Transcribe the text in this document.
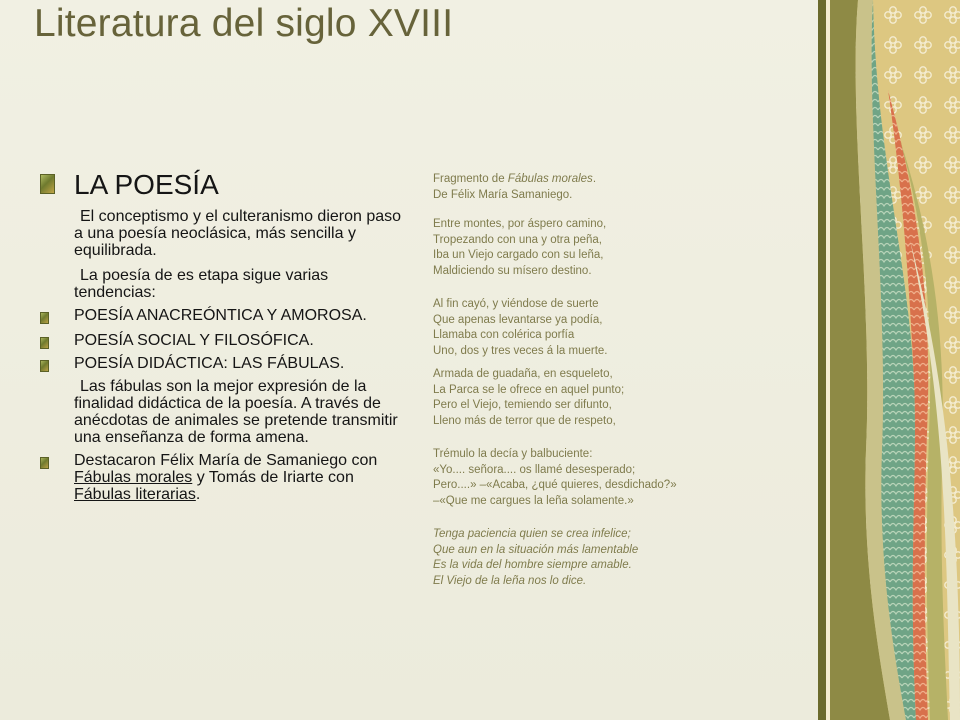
Literatura del siglo XVIII
LA POESÍA
El conceptismo y el culteranismo dieron paso a una poesía neoclásica, más sencilla y equilibrada.
La poesía de es etapa sigue varias tendencias:
POESÍA ANACREÓNTICA Y AMOROSA.
POESÍA SOCIAL Y FILOSÓFICA.
POESÍA DIDÁCTICA: LAS FÁBULAS.
Las fábulas son la mejor expresión de la finalidad didáctica de la poesía. A través de anécdotas de animales se pretende transmitir una enseñanza de forma amena.
Destacaron Félix María de Samaniego con Fábulas morales y Tomás de Iriarte con Fábulas literarias.

Fragmento de Fábulas morales.

De Félix María Samaniego.

Entre montes, por áspero camino,

Tropezando con una y otra peña,

Iba un Viejo cargado con su leña,

Maldiciendo su mísero destino.

Al fin cayó, y viéndose de suerte

Que apenas levantarse ya podía,

Llamaba con colérica porfía

Uno, dos y tres veces á la muerte.

Armada de guadaña, en esqueleto,

La Parca se le ofrece en aquel punto;

Pero el Viejo, temiendo ser difunto,

Lleno más de terror que de respeto,

Trémulo la decía y balbuciente:

«Yo.... señora.... os llamé desesperado;

Pero....» –«Acaba, ¿qué quieres, desdichado?»

–«Que me cargues la leña solamente.»

Tenga paciencia quien se crea infelice;

Que aun en la situación más lamentable

Es la vida del hombre siempre amable.

El Viejo de la leña nos lo dice.
